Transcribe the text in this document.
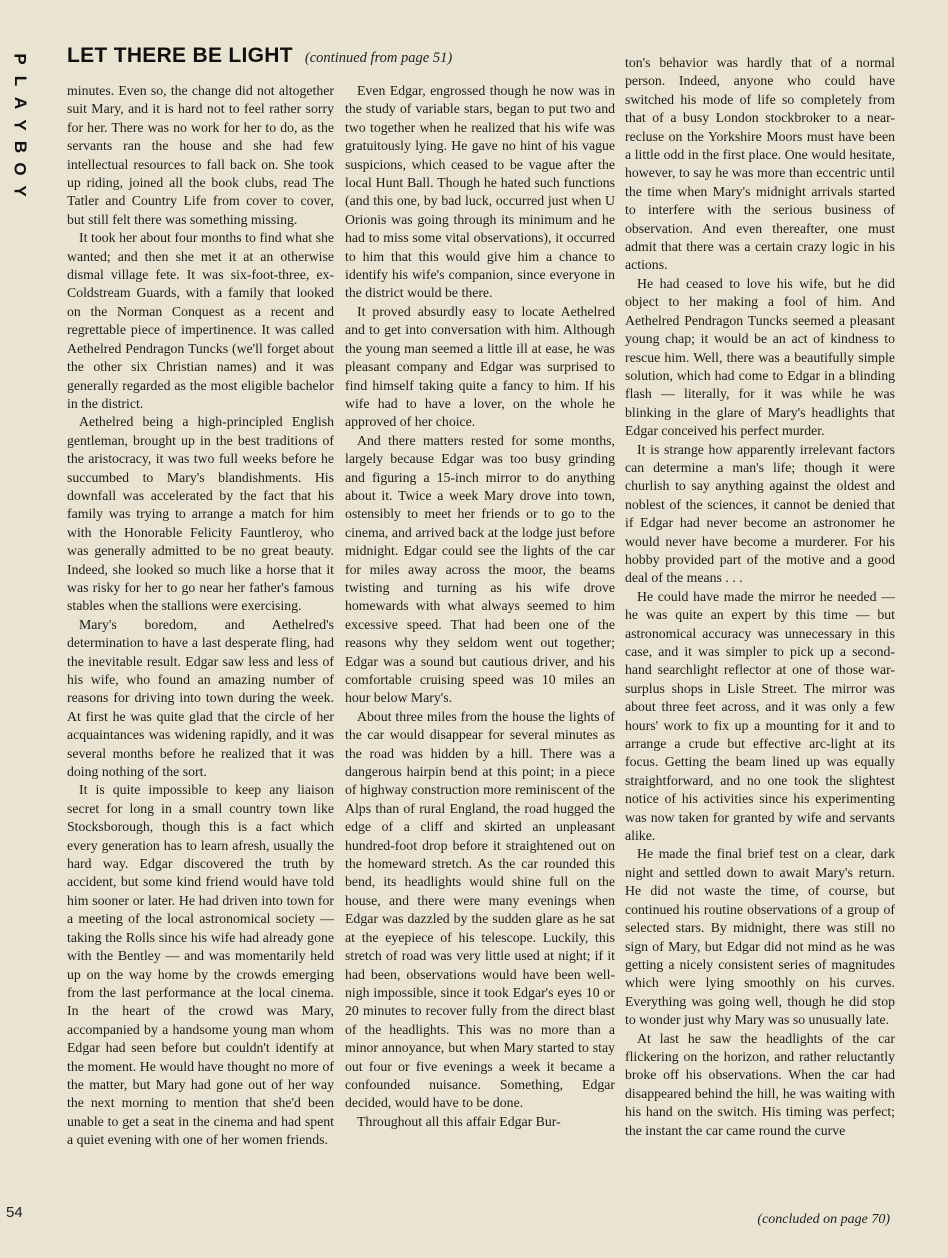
P
L
A
Y
B
O
Y
LET THERE BE LIGHT (continued from page 51)

minutes. Even so, the change did not altogether suit Mary, and it is hard not to feel rather sorry for her. There was no work for her to do, as the servants ran the house and she had few intellectual resources to fall back on. She took up riding, joined all the book clubs, read The Tatler and Country Life from cover to cover, but still felt there was something missing.

It took her about four months to find what she wanted; and then she met it at an otherwise dismal village fete. It was six-foot-three, ex-Coldstream Guards, with a family that looked on the Norman Conquest as a recent and regrettable piece of impertinence. It was called Aethelred Pendragon Tuncks (we'll forget about the other six Christian names) and it was generally regarded as the most eligible bachelor in the district.

Aethelred being a high-principled English gentleman, brought up in the best traditions of the aristocracy, it was two full weeks before he succumbed to Mary's blandishments. His downfall was accelerated by the fact that his family was trying to arrange a match for him with the Honorable Felicity Fauntleroy, who was generally admitted to be no great beauty. Indeed, she looked so much like a horse that it was risky for her to go near her father's famous stables when the stallions were exercising.

Mary's boredom, and Aethelred's determination to have a last desperate fling, had the inevitable result. Edgar saw less and less of his wife, who found an amazing number of reasons for driving into town during the week. At first he was quite glad that the circle of her acquaintances was widening rapidly, and it was several months before he realized that it was doing nothing of the sort.

It is quite impossible to keep any liaison secret for long in a small country town like Stocksborough, though this is a fact which every generation has to learn afresh, usually the hard way. Edgar discovered the truth by accident, but some kind friend would have told him sooner or later. He had driven into town for a meeting of the local astronomical society — taking the Rolls since his wife had already gone with the Bentley — and was momentarily held up on the way home by the crowds emerging from the last performance at the local cinema. In the heart of the crowd was Mary, accompanied by a handsome young man whom Edgar had seen before but couldn't identify at the moment. He would have thought no more of the matter, but Mary had gone out of her way the next morning to mention that she'd been unable to get a seat in the cinema and had spent a quiet evening with one of her women friends.

Even Edgar, engrossed though he now was in the study of variable stars, began to put two and two together when he realized that his wife was gratuitously lying. He gave no hint of his vague suspicions, which ceased to be vague after the local Hunt Ball. Though he hated such functions (and this one, by bad luck, occurred just when U Orionis was going through its minimum and he had to miss some vital observations), it occurred to him that this would give him a chance to identify his wife's companion, since everyone in the district would be there.

It proved absurdly easy to locate Aethelred and to get into conversation with him. Although the young man seemed a little ill at ease, he was pleasant company and Edgar was surprised to find himself taking quite a fancy to him. If his wife had to have a lover, on the whole he approved of her choice.

And there matters rested for some months, largely because Edgar was too busy grinding and figuring a 15-inch mirror to do anything about it. Twice a week Mary drove into town, ostensibly to meet her friends or to go to the cinema, and arrived back at the lodge just before midnight. Edgar could see the lights of the car for miles away across the moor, the beams twisting and turning as his wife drove homewards with what always seemed to him excessive speed. That had been one of the reasons why they seldom went out together; Edgar was a sound but cautious driver, and his comfortable cruising speed was 10 miles an hour below Mary's.

About three miles from the house the lights of the car would disappear for several minutes as the road was hidden by a hill. There was a dangerous hairpin bend at this point; in a piece of highway construction more reminiscent of the Alps than of rural England, the road hugged the edge of a cliff and skirted an unpleasant hundred-foot drop before it straightened out on the homeward stretch. As the car rounded this bend, its headlights would shine full on the house, and there were many evenings when Edgar was dazzled by the sudden glare as he sat at the eyepiece of his telescope. Luckily, this stretch of road was very little used at night; if it had been, observations would have been well-nigh impossible, since it took Edgar's eyes 10 or 20 minutes to recover fully from the direct blast of the headlights. This was no more than a minor annoyance, but when Mary started to stay out four or five evenings a week it became a confounded nuisance. Something, Edgar decided, would have to be done.

Throughout all this affair Edgar Bur-

ton's behavior was hardly that of a normal person. Indeed, anyone who could have switched his mode of life so completely from that of a busy London stockbroker to a near-recluse on the Yorkshire Moors must have been a little odd in the first place. One would hesitate, however, to say he was more than eccentric until the time when Mary's midnight arrivals started to interfere with the serious business of observation. And even thereafter, one must admit that there was a certain crazy logic in his actions.

He had ceased to love his wife, but he did object to her making a fool of him. And Aethelred Pendragon Tuncks seemed a pleasant young chap; it would be an act of kindness to rescue him. Well, there was a beautifully simple solution, which had come to Edgar in a blinding flash — literally, for it was while he was blinking in the glare of Mary's headlights that Edgar conceived his perfect murder.

It is strange how apparently irrelevant factors can determine a man's life; though it were churlish to say anything against the oldest and noblest of the sciences, it cannot be denied that if Edgar had never become an astronomer he would never have become a murderer. For his hobby provided part of the motive and a good deal of the means . . .

He could have made the mirror he needed — he was quite an expert by this time — but astronomical accuracy was unnecessary in this case, and it was simpler to pick up a second-hand searchlight reflector at one of those war-surplus shops in Lisle Street. The mirror was about three feet across, and it was only a few hours' work to fix up a mounting for it and to arrange a crude but effective arc-light at its focus. Getting the beam lined up was equally straightforward, and no one took the slightest notice of his activities since his experimenting was now taken for granted by wife and servants alike.

He made the final brief test on a clear, dark night and settled down to await Mary's return. He did not waste the time, of course, but continued his routine observations of a group of selected stars. By midnight, there was still no sign of Mary, but Edgar did not mind as he was getting a nicely consistent series of magnitudes which were lying smoothly on his curves. Everything was going well, though he did stop to wonder just why Mary was so unusually late.

At last he saw the headlights of the car flickering on the horizon, and rather reluctantly broke off his observations. When the car had disappeared behind the hill, he was waiting with his hand on the switch. His timing was perfect; the instant the car came round the curve

54	(concluded on page 70)
